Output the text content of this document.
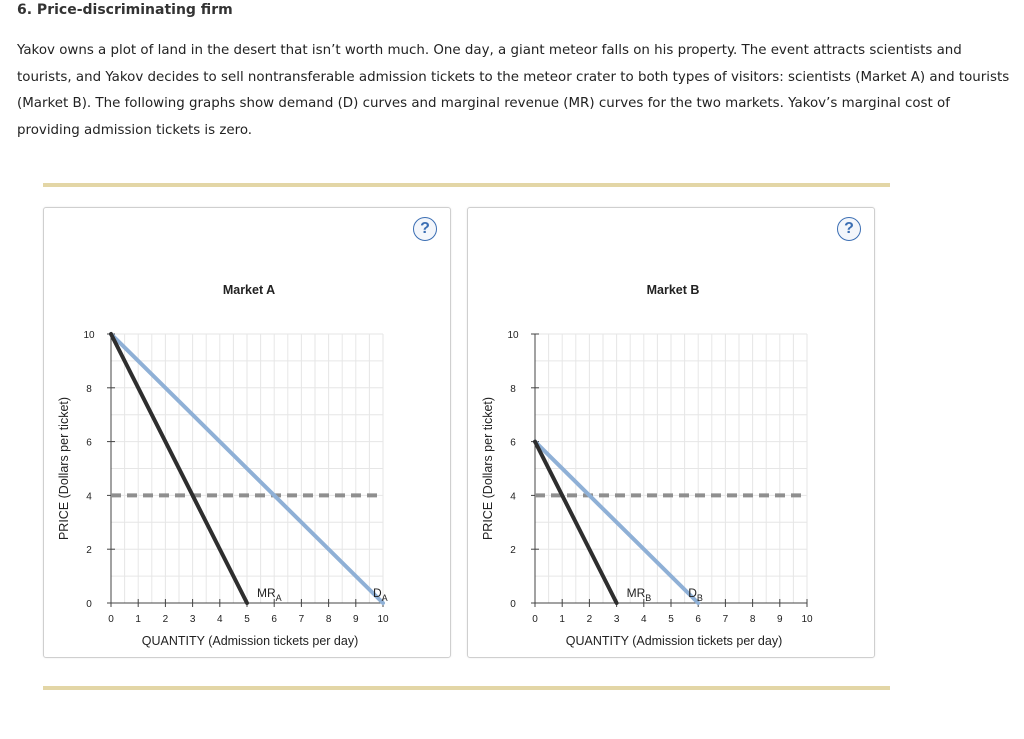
6. Price-discriminating firm

Yakov owns a plot of land in the desert that isn’t worth much. One day, a giant meteor falls on his property. The event attracts scientists and tourists, and Yakov decides to sell nontransferable admission tickets to the meteor crater to both types of visitors: scientists (Market A) and tourists (Market B). The following graphs show demand (D) curves and marginal revenue (MR) curves for the two markets. Yakov’s marginal cost of providing admission tickets is zero.

?
Market A
0 1 2 3 4 5 6 7 8 9 10
0
2
4
6
8
10
QUANTITY (Admission tickets per day)
PRICE (Dollars per ticket)
$D_A$
$MR_A$
?
Market B
0 1 2 3 4 5 6 7 8 9 10
0
2
4
6
8
10
QUANTITY (Admission tickets per day)
PRICE (Dollars per ticket)
$D_B$
$MR_B$
